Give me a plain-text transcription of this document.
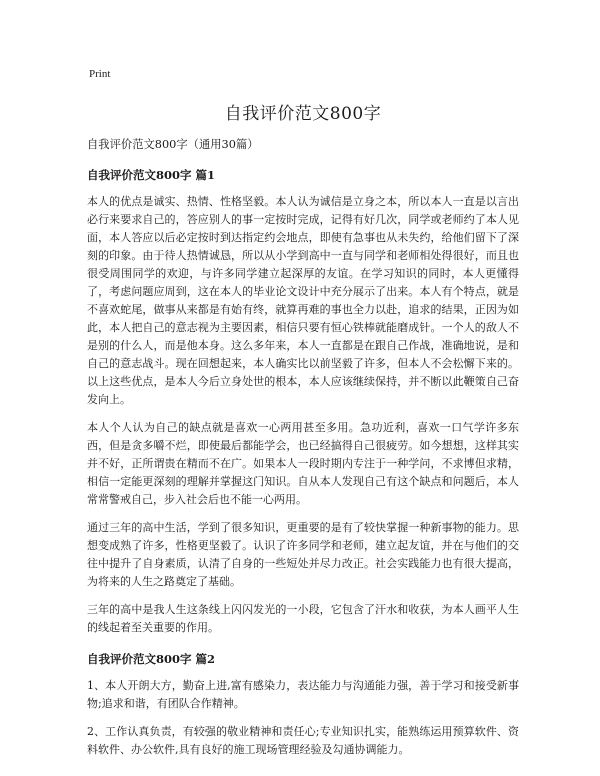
Print
自我评价范文800字
自我评价范文800字（通用30篇）
自我评价范文800字 篇1

本人的优点是诚实、热情、性格坚毅。本人认为诚信是立身之本，所以本人一直是以言出必行来要求自己的，答应别人的事一定按时完成，记得有好几次，同学或老师约了本人见面，本人答应以后必定按时到达指定约会地点，即使有急事也从未失约，给他们留下了深刻的印象。由于待人热情诚恳，所以从小学到高中一直与同学和老师相处得很好，而且也很受周围同学的欢迎，与许多同学建立起深厚的友谊。在学习知识的同时，本人更懂得了，考虑问题应周到，这在本人的毕业论文设计中充分展示了出来。本人有个特点，就是不喜欢蛇尾，做事从来都是有始有终，就算再难的事也全力以赴，追求的结果，正因为如此，本人把自己的意志视为主要因素，相信只要有恒心铁棒就能磨成针。一个人的敌人不是别的什么人，而是他本身。这么多年来，本人一直都是在跟自己作战，准确地说，是和自己的意志战斗。现在回想起来，本人确实比以前坚毅了许多，但本人不会松懈下来的。以上这些优点，是本人今后立身处世的根本，本人应该继续保持，并不断以此鞭策自己奋发向上。

本人个人认为自己的缺点就是喜欢一心两用甚至多用。急功近利，喜欢一口气学许多东西，但是贪多嚼不烂，即使最后都能学会，也已经搞得自己很疲劳。如今想想，这样其实并不好，正所谓贵在精而不在广。如果本人一段时期内专注于一种学问，不求博但求精，相信一定能更深刻的理解并掌握这门知识。自从本人发现自己有这个缺点和问题后，本人常常警戒自己，步入社会后也不能一心两用。

通过三年的高中生活，学到了很多知识，更重要的是有了较快掌握一种新事物的能力。思想变成熟了许多，性格更坚毅了。认识了许多同学和老师，建立起友谊，并在与他们的交往中提升了自身素质，认清了自身的一些短处并尽力改正。社会实践能力也有很大提高，为将来的人生之路奠定了基础。

三年的高中是我人生这条线上闪闪发光的一小段，它包含了汗水和收获，为本人画平人生的线起着至关重要的作用。

自我评价范文800字 篇2

1、本人开朗大方，勤奋上进,富有感染力，表达能力与沟通能力强，善于学习和接受新事物;追求和谐，有团队合作精神。

2、工作认真负责，有较强的敬业精神和责任心;专业知识扎实，能熟练运用预算软件、资料软件、办公软件,具有良好的施工现场管理经验及勾通协调能力。
